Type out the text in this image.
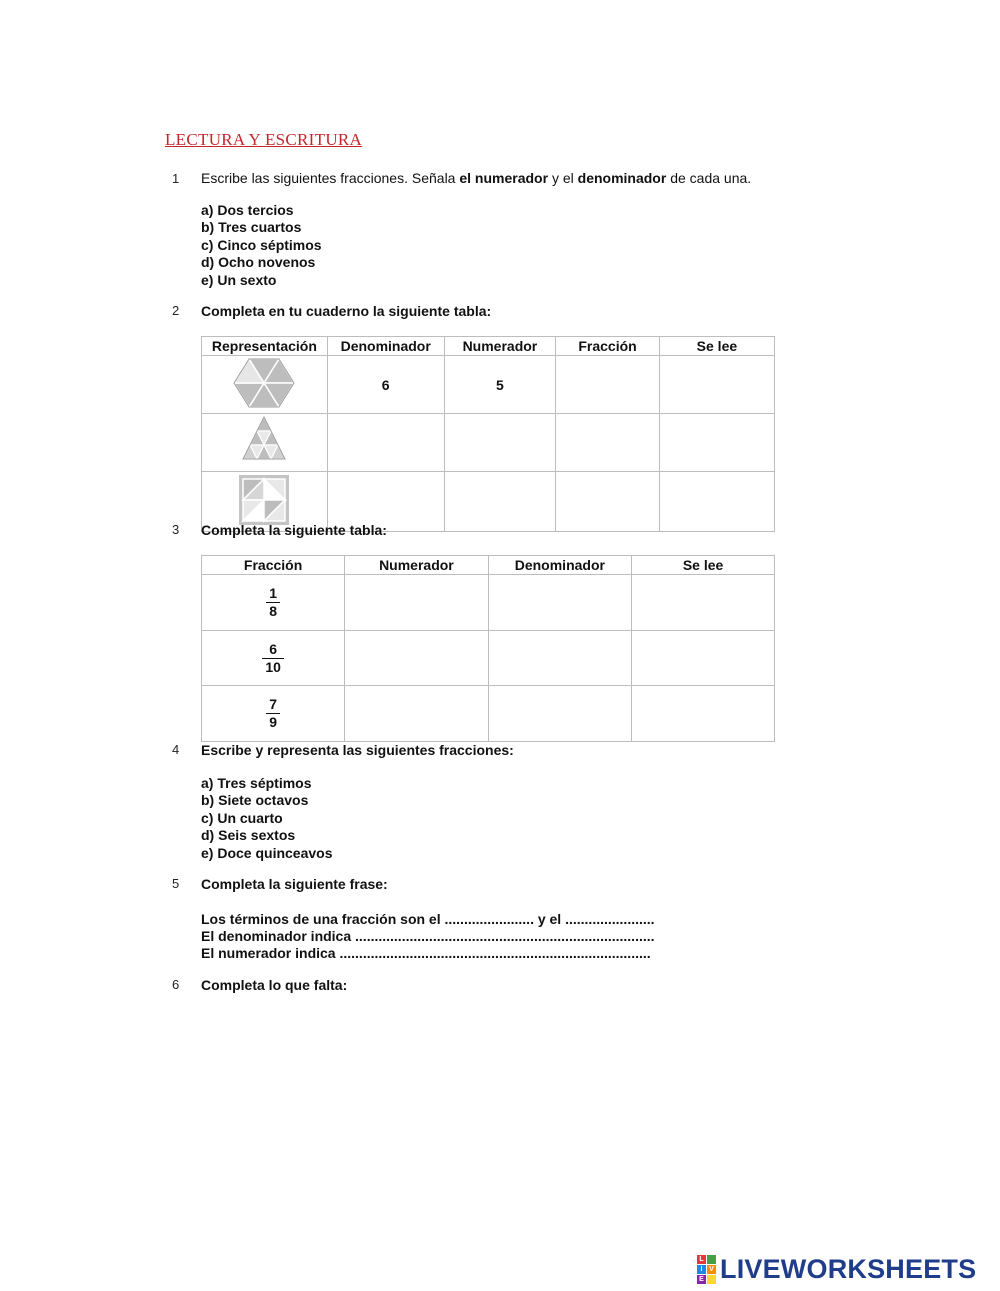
LECTURA Y ESCRITURA
1 Escribe las siguientes fracciones. Señala el numerador y el denominador de cada una.
a) Dos tercios
b) Tres cuartos
c) Cinco séptimos
d) Ocho novenos
e) Un sexto
2 Completa en tu cuaderno la siguiente tabla:
Representación	Denominador	Numerador	Fracción	Se lee
	6	5		

3 Completa la siguiente tabla:
Fracción	Numerador	Denominador	Se lee

$\frac{1}{8}$

$\frac{6}{10}$

$\frac{7}{9}$

4 Escribe y representa las siguientes fracciones:
a) Tres séptimos
b) Siete octavos
c) Un cuarto
d) Seis sextos
e) Doce quinceavos
5 Completa la siguiente frase:
Los términos de una fracción son el ....................... y el .......................
El denominador indica .............................................................................
El numerador indica ................................................................................
6 Completa lo que falta:
L
I V
E LIVEWORKSHEETS
